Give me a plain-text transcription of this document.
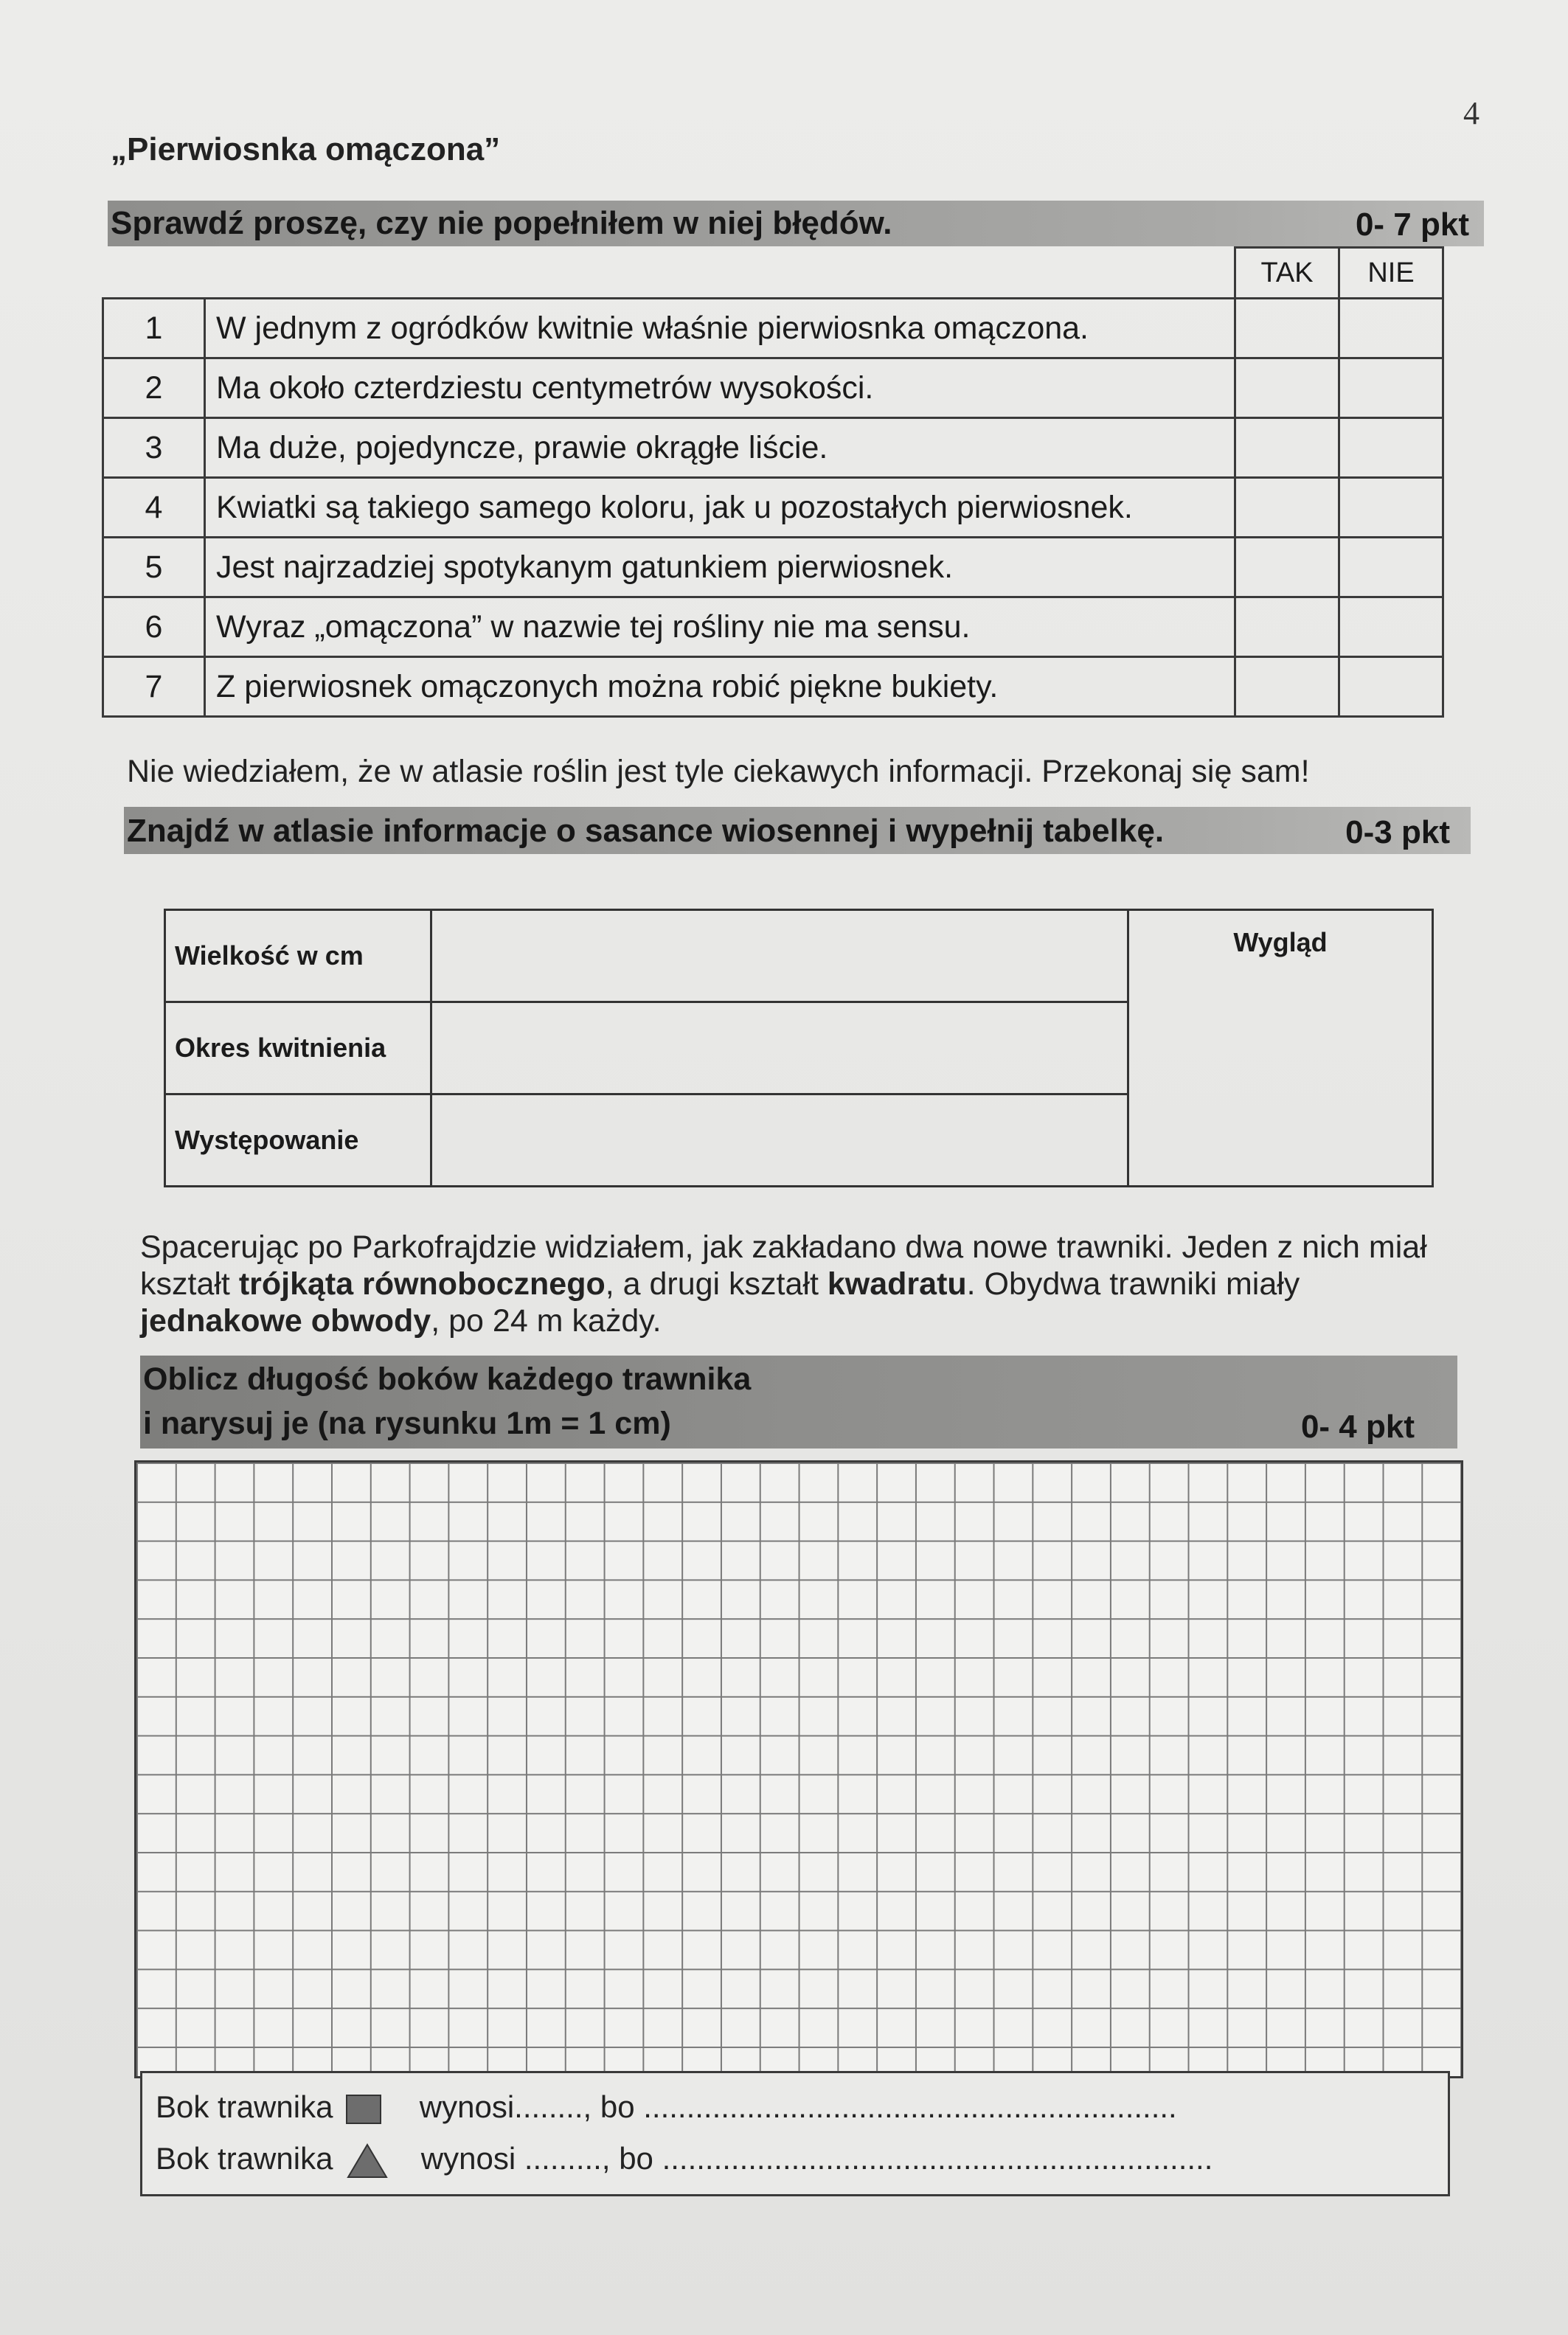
4
„Pierwiosnka omączona”
Sprawdź proszę, czy nie popełniłem w niej błędów.	0- 7 pkt
		TAK	NIE
1	W jednym z ogródków kwitnie właśnie pierwiosnka omączona.		
2	Ma około czterdziestu centymetrów wysokości.		
3	Ma duże, pojedyncze, prawie okrągłe liście.		
4	Kwiatki są takiego samego koloru, jak u pozostałych pierwiosnek.		
5	Jest najrzadziej spotykanym gatunkiem pierwiosnek.		
6	Wyraz „omączona” w nazwie tej rośliny nie ma sensu.		
7	Z pierwiosnek omączonych można robić piękne bukiety.		
Nie wiedziałem, że w atlasie roślin jest tyle ciekawych informacji. Przekonaj się sam!
Znajdź w atlasie informacje o sasance wiosennej i wypełnij tabelkę.	0-3 pkt
Wielkość w cm		Wygląd
Okres kwitnienia		
Występowanie		
Spacerując po Parkofrajdzie widziałem, jak zakładano dwa nowe trawniki. Jeden z nich miał kształt trójkąta równobocznego, a drugi kształt kwadratu. Obydwa trawniki miały jednakowe obwody, po 24 m każdy.
Oblicz długość boków każdego trawnika
i narysuj je (na rysunku 1m = 1 cm)	0- 4 pkt
Bok trawnika	wynosi........, bo ..............................................................
Bok trawnika	wynosi ........., bo ................................................................
